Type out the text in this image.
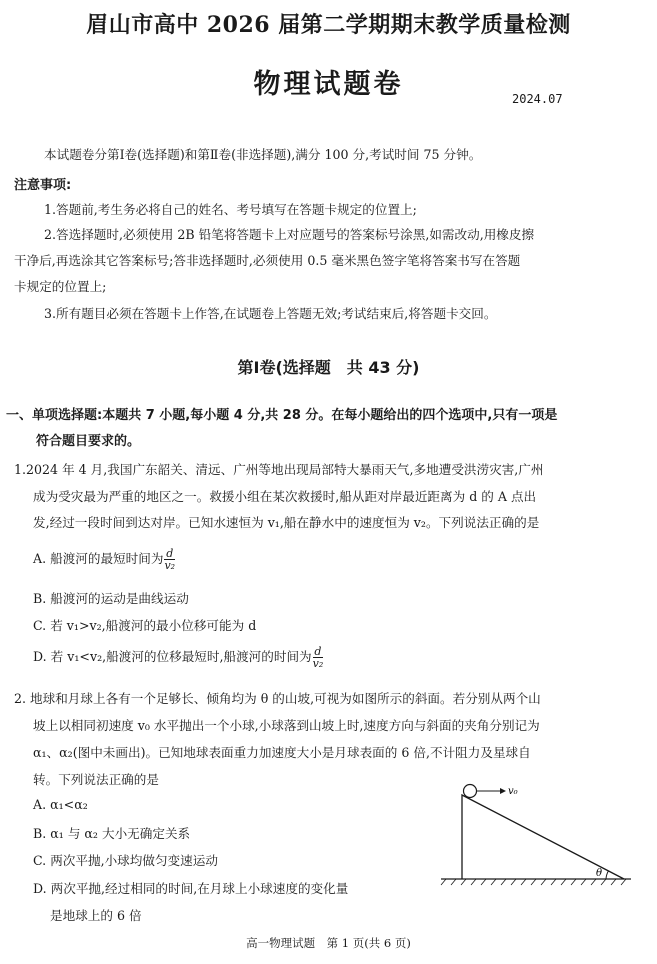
眉山市高中 2026 届第二学期期末教学质量检测
物理试题卷	2024.07
本试题卷分第Ⅰ卷(选择题)和第Ⅱ卷(非选择题),满分 100 分,考试时间 75 分钟。
注意事项:
1.答题前,考生务必将自己的姓名、考号填写在答题卡规定的位置上;
2.答选择题时,必须使用 2B 铅笔将答题卡上对应题号的答案标号涂黑,如需改动,用橡皮擦
干净后,再选涂其它答案标号;答非选择题时,必须使用 0.5 毫米黑色签字笔将答案书写在答题
卡规定的位置上;
3.所有题目必须在答题卡上作答,在试题卷上答题无效;考试结束后,将答题卡交回。
第Ⅰ卷(选择题　共 43 分)
一、单项选择题:本题共 7 小题,每小题 4 分,共 28 分。在每小题给出的四个选项中,只有一项是
符合题目要求的。
1.2024 年 4 月,我国广东韶关、清远、广州等地出现局部特大暴雨天气,多地遭受洪涝灾害,广州
成为受灾最为严重的地区之一。救援小组在某次救援时,船从距对岸最近距离为 d 的 A 点出
发,经过一段时间到达对岸。已知水速恒为 v₁,船在静水中的速度恒为 v₂。下列说法正确的是
A. 船渡河的最短时间为 $\frac{d}{\text{v₂}}$
B. 船渡河的运动是曲线运动
C. 若 v₁>v₂,船渡河的最小位移可能为 d
D. 若 v₁<v₂,船渡河的位移最短时,船渡河的时间为 $\frac{d}{\text{v₂}}$
2. 地球和月球上各有一个足够长、倾角均为 θ 的山坡,可视为如图所示的斜面。若分别从两个山
坡上以相同初速度 v₀ 水平抛出一个小球,小球落到山坡上时,速度方向与斜面的夹角分别记为
α₁、α₂(图中未画出)。已知地球表面重力加速度大小是月球表面的 6 倍,不计阻力及星球自
转。下列说法正确的是
A. α₁<α₂
B. α₁ 与 α₂ 大小无确定关系
C. 两次平抛,小球均做匀变速运动
D. 两次平抛,经过相同的时间,在月球上小球速度的变化量
是地球上的 6 倍
v₀
θ
高一物理试题　第 1 页(共 6 页)
